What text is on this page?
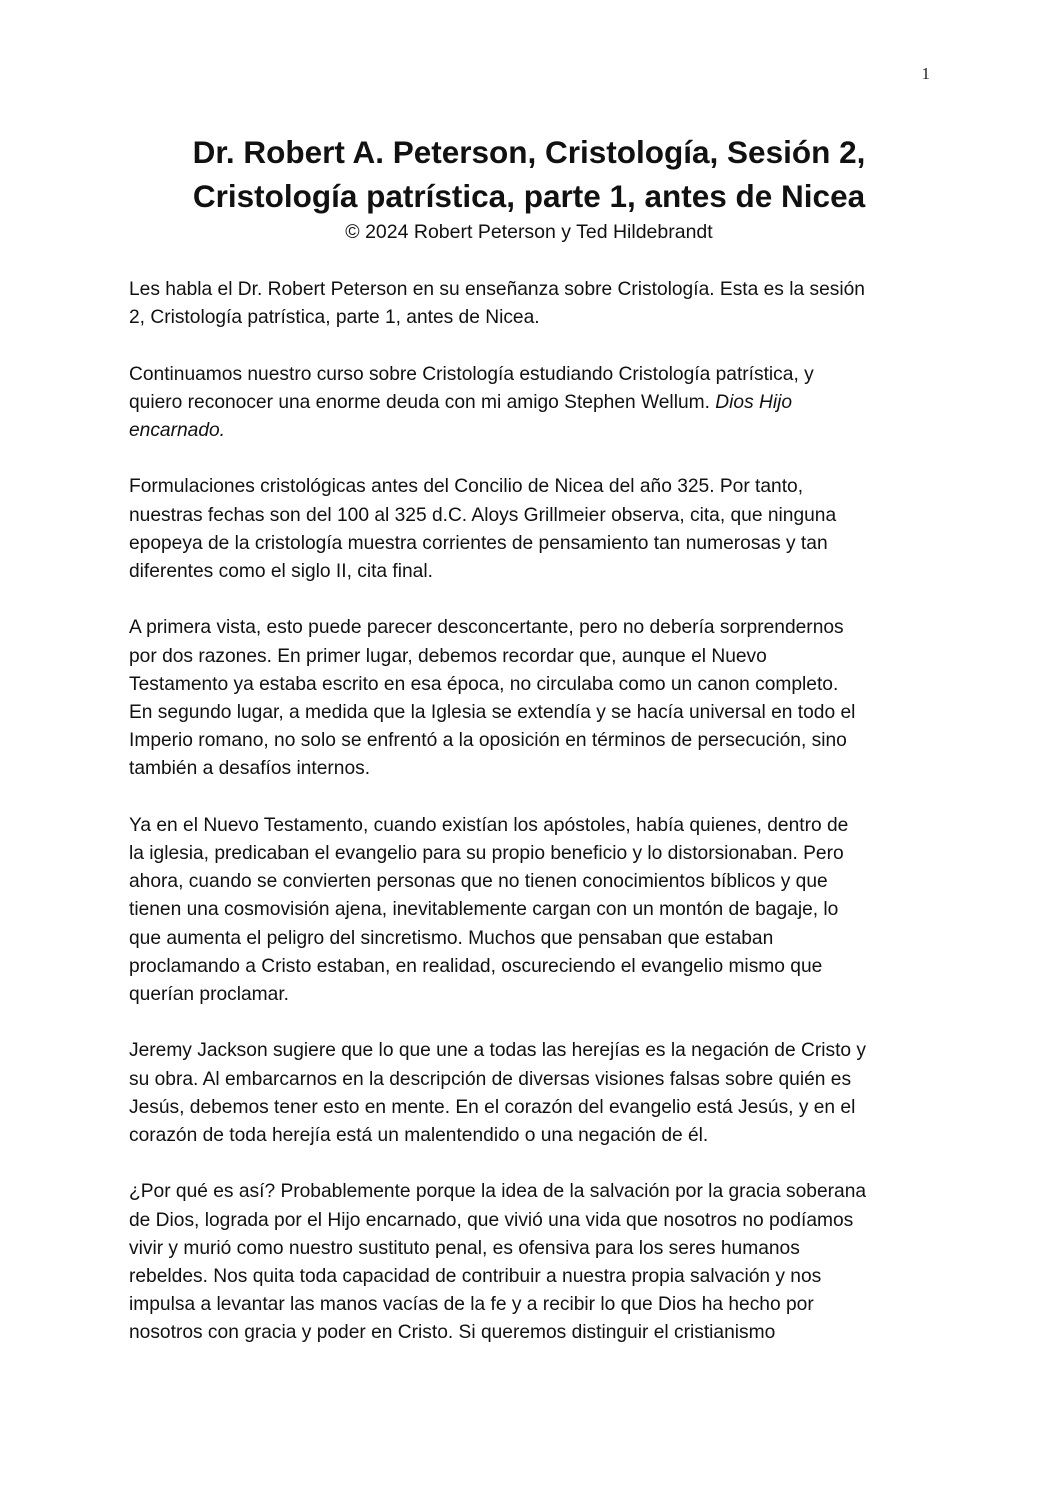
1
Dr. Robert A. Peterson, Cristología, Sesión 2,
Cristología patrística, parte 1, antes de Nicea
© 2024 Robert Peterson y Ted Hildebrandt

Les habla el Dr. Robert Peterson en su enseñanza sobre Cristología. Esta es la sesión
2, Cristología patrística, parte 1, antes de Nicea.

Continuamos nuestro curso sobre Cristología estudiando Cristología patrística, y
quiero reconocer una enorme deuda con mi amigo Stephen Wellum. Dios Hijo
encarnado.

Formulaciones cristológicas antes del Concilio de Nicea del año 325. Por tanto,
nuestras fechas son del 100 al 325 d.C. Aloys Grillmeier observa, cita, que ninguna
epopeya de la cristología muestra corrientes de pensamiento tan numerosas y tan
diferentes como el siglo II, cita final.

A primera vista, esto puede parecer desconcertante, pero no debería sorprendernos
por dos razones. En primer lugar, debemos recordar que, aunque el Nuevo
Testamento ya estaba escrito en esa época, no circulaba como un canon completo.
En segundo lugar, a medida que la Iglesia se extendía y se hacía universal en todo el
Imperio romano, no solo se enfrentó a la oposición en términos de persecución, sino
también a desafíos internos.

Ya en el Nuevo Testamento, cuando existían los apóstoles, había quienes, dentro de
la iglesia, predicaban el evangelio para su propio beneficio y lo distorsionaban. Pero
ahora, cuando se convierten personas que no tienen conocimientos bíblicos y que
tienen una cosmovisión ajena, inevitablemente cargan con un montón de bagaje, lo
que aumenta el peligro del sincretismo. Muchos que pensaban que estaban
proclamando a Cristo estaban, en realidad, oscureciendo el evangelio mismo que
querían proclamar.

Jeremy Jackson sugiere que lo que une a todas las herejías es la negación de Cristo y
su obra. Al embarcarnos en la descripción de diversas visiones falsas sobre quién es
Jesús, debemos tener esto en mente. En el corazón del evangelio está Jesús, y en el
corazón de toda herejía está un malentendido o una negación de él.

¿Por qué es así? Probablemente porque la idea de la salvación por la gracia soberana
de Dios, lograda por el Hijo encarnado, que vivió una vida que nosotros no podíamos
vivir y murió como nuestro sustituto penal, es ofensiva para los seres humanos
rebeldes. Nos quita toda capacidad de contribuir a nuestra propia salvación y nos
impulsa a levantar las manos vacías de la fe y a recibir lo que Dios ha hecho por
nosotros con gracia y poder en Cristo. Si queremos distinguir el cristianismo
